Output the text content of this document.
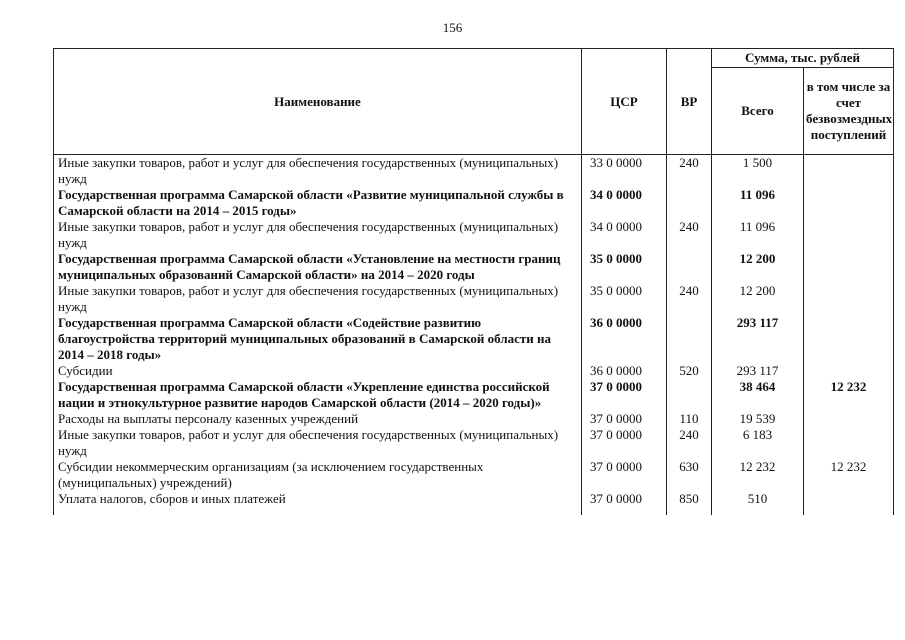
156
Наименование	ЦСР	ВР	Сумма, тыс. рублей	
			Всего	в том числе за счет безвозмездных поступлений
Иные закупки товаров, работ и услуг для обеспечения государственных (муниципальных) нужд	33 0 0000	240	1 500	
Государственная программа Самарской области «Развитие муниципальной службы в Самарской области на 2014 – 2015 годы»	34 0 0000		11 096	
Иные закупки товаров, работ и услуг для обеспечения государственных (муниципальных) нужд	34 0 0000	240	11 096	
Государственная программа Самарской области «Установление на местности границ муниципальных образований Самарской области» на 2014 – 2020 годы	35 0 0000		12 200	
Иные закупки товаров, работ и услуг для обеспечения государственных (муниципальных) нужд	35 0 0000	240	12 200	
Государственная программа Самарской области «Содействие развитию благоустройства территорий муниципальных образований в Самарской области на 2014 – 2018 годы»	36 0 0000		293 117	
Субсидии	36 0 0000	520	293 117	
Государственная программа Самарской области «Укрепление единства российской нации и этнокультурное развитие народов Самарской области (2014 – 2020 годы)»	37 0 0000		38 464	12 232
Расходы на выплаты персоналу казенных учреждений	37 0 0000	110	19 539	
Иные закупки товаров, работ и услуг для обеспечения государственных (муниципальных) нужд	37 0 0000	240	6 183	
Субсидии некоммерческим организациям (за исключением государственных (муниципальных) учреждений)	37 0 0000	630	12 232	12 232
Уплата налогов, сборов и иных платежей	37 0 0000	850	510	
